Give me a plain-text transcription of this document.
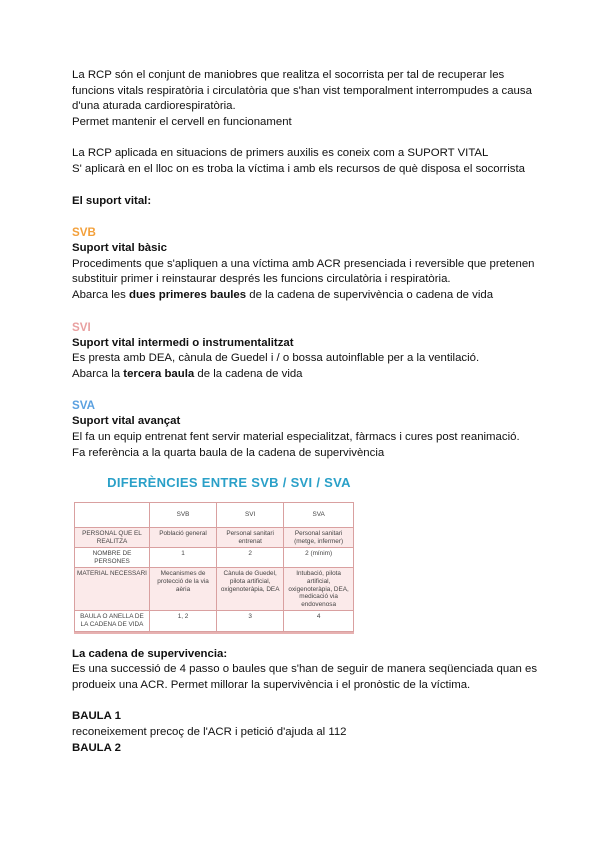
La RCP són el conjunt de maniobres que realitza el socorrista per tal de recuperar les

funcions vitals respiratòria i circulatòria que s'han vist temporalment interrompudes a causa

d'una aturada cardiorespiratòria.

Permet mantenir el cervell en funcionament

La RCP aplicada en situacions de primers auxilis es coneix com a SUPORT VITAL

S' aplicarà en el lloc on es troba la víctima i amb els recursos de què disposa el socorrista

El suport vital:

SVB

Suport vital bàsic

Procediments que s'apliquen a una víctima amb ACR presenciada i reversible que pretenen

substituir primer i reinstaurar després les funcions circulatòria i respiratòria.

Abarca les dues primeres baules de la cadena de supervivència o cadena de vida

SVI

Suport vital intermedi o instrumentalitzat

Es presta amb DEA, cànula de Guedel i / o bossa autoinflable per a la ventilació.

Abarca la tercera baula de la cadena de vida

SVA

Suport vital avançat

El fa un equip entrenat fent servir material especialitzat, fàrmacs i cures post reanimació.

Fa referència a la quarta baula de la cadena de supervivència

DIFERÈNCIES ENTRE SVB / SVI / SVA
	SVB	SVI	SVA
PERSONAL QUE EL REALITZA	Població general	Personal sanitari entrenat	Personal sanitari (metge, infermer)
NOMBRE DE PERSONES	1	2	2 (mínim)
MATERIAL NECESSARI	Mecanismes de protecció de la via aèria	Cànula de Guedel, pilota artificial, oxigenoteràpia, DEA	Intubació, pilota artificial, oxigenoteràpia, DEA, medicació via endovenosa
BAULA O ANELLA DE LA CADENA DE VIDA	1, 2	3	4

La cadena de supervivencia:

Es una successió de 4 passo o baules que s'han de seguir de manera seqüenciada quan es

produeix una ACR. Permet millorar la supervivència i el pronòstic de la víctima.

BAULA 1

reconeixement precoç de l'ACR i petició d'ajuda al 112

BAULA 2
